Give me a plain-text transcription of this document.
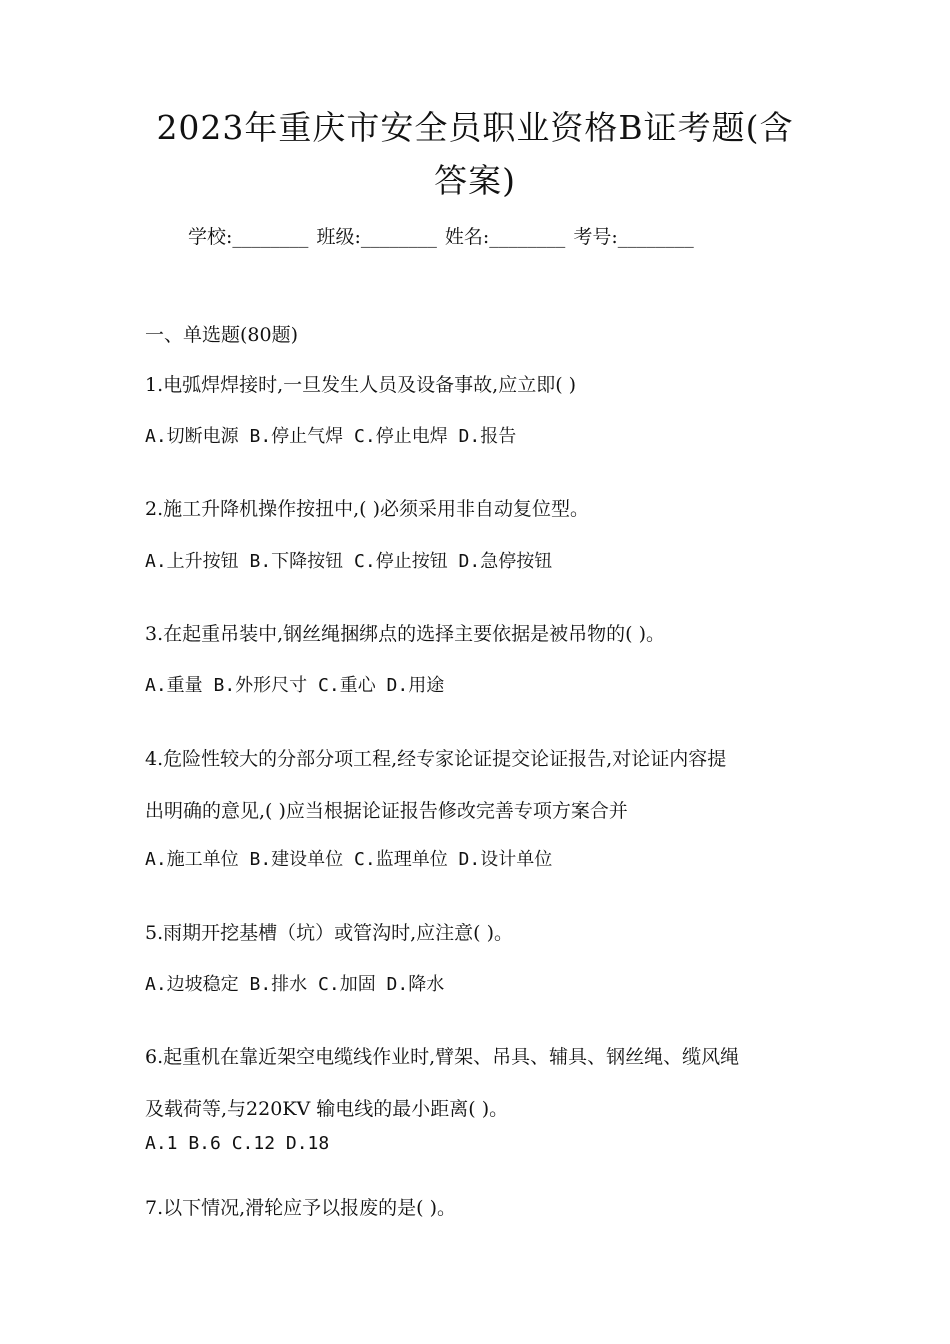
2023年重庆市安全员职业资格B证考题(含
答案)
学校:________ 班级:________ 姓名:________ 考号:________
一、单选题(80题)
1.电弧焊焊接时,一旦发生人员及设备事故,应立即( )
A.切断电源 B.停止气焊 C.停止电焊 D.报告
2.施工升降机操作按扭中,( )必须采用非自动复位型。
A.上升按钮 B.下降按钮 C.停止按钮 D.急停按钮
3.在起重吊装中,钢丝绳捆绑点的选择主要依据是被吊物的( )。
A.重量 B.外形尺寸 C.重心 D.用途
4.危险性较大的分部分项工程,经专家论证提交论证报告,对论证内容提
出明确的意见,( )应当根据论证报告修改完善专项方案合并
A.施工单位 B.建设单位 C.监理单位 D.设计单位
5.雨期开挖基槽（坑）或管沟时,应注意( )。
A.边坡稳定 B.排水 C.加固 D.降水
6.起重机在靠近架空电缆线作业时,臂架、吊具、辅具、钢丝绳、缆风绳
及载荷等,与220KV 输电线的最小距离( )。
A.1 B.6 C.12 D.18
7.以下情况,滑轮应予以报废的是( )。
